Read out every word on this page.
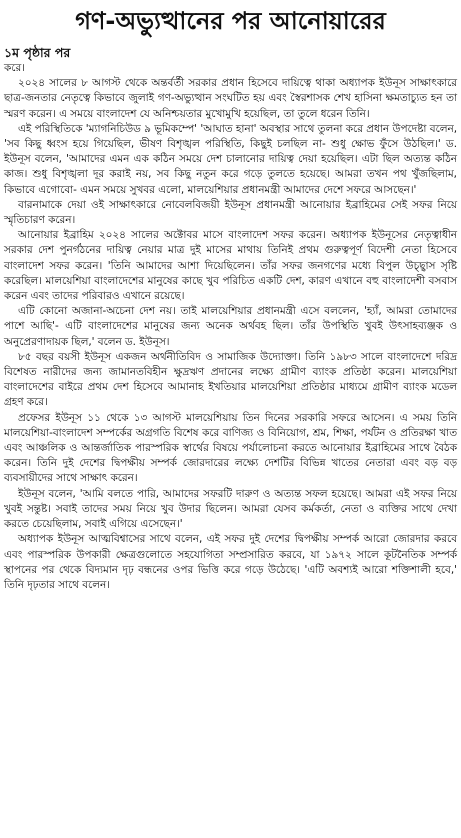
গণ-অভ্যুত্থানের পর আনোয়ারের
১ম পৃষ্ঠার পর

করে।

২০২৪ সালের ৮ আগস্ট থেকে অন্তর্বর্তী সরকার প্রধান হিসেবে দায়িত্বে থাকা অধ্যাপক ইউনূস সাক্ষাৎকারে ছাত্র-জনতার নেতৃত্বে কিভাবে জুলাই গণ-অভ্যুত্থান সংঘটিত হয় এবং স্বৈরশাসক শেখ হাসিনা ক্ষমতাচ্যুত হন তা স্মরণ করেন। এ সময়ে বাংলাদেশ যে অনিশ্চয়তার মুখোমুখি হয়েছিল, তা তুলে ধরেন তিনি।

এই পরিস্থিতিকে 'ম্যাগনিচিউড ৯ ভূমিকম্পে' 'আঘাত হানা' অবস্থার সাথে তুলনা করে প্রধান উপদেষ্টা বলেন, 'সব কিছু ধ্বংস হয়ে গিয়েছিল, ভীষণ বিশৃঙ্খল পরিস্থিতি, কিছুই চলছিল না- শুধু ক্ষোভ ফুঁসে উঠছিল।' ড. ইউনূস বলেন, 'আমাদের এমন এক কঠিন সময়ে দেশ চালানোর দায়িত্ব দেয়া হয়েছিল। এটা ছিল অত্যন্ত কঠিন কাজ। শুধু বিশৃঙ্খলা দূর করাই নয়, সব কিছু নতুন করে গড়ে তুলতে হয়েছে। আমরা তখন পথ খুঁজছিলাম, কিভাবে এগোবো- এমন সময়ে সুখবর এলো, মালয়েশিয়ার প্রধানমন্ত্রী আমাদের দেশে সফরে আসছেন।'

বারনামাকে দেয়া ওই সাক্ষাৎকারে নোবেলবিজয়ী ইউনূস প্রধানমন্ত্রী আনোয়ার ইব্রাহিমের সেই সফর নিয়ে স্মৃতিচারণ করেন।

আনোয়ার ইব্রাহিম ২০২৪ সালের অক্টোবর মাসে বাংলাদেশ সফর করেন। অধ্যাপক ইউনূসের নেতৃত্বাধীন সরকার দেশ পুনর্গঠনের দায়িত্ব নেয়ার মাত্র দুই মাসের মাথায় তিনিই প্রথম গুরুত্বপূর্ণ বিদেশী নেতা হিসেবে বাংলাদেশ সফর করেন। 'তিনি আমাদের আশা দিয়েছিলেন। তাঁর সফর জনগণের মধ্যে বিপুল উচ্ছ্বাস সৃষ্টি করেছিল। মালয়েশিয়া বাংলাদেশের মানুষের কাছে খুব পরিচিত একটি দেশ, কারণ এখানে বহু বাংলাদেশী বসবাস করেন এবং তাদের পরিবারও এখানে রয়েছে।

এটি কোনো অজানা-অচেনা দেশ নয়। তাই মালয়েশিয়ার প্রধানমন্ত্রী এসে বললেন, 'হ্যাঁ, আমরা তোমাদের পাশে আছি'- এটি বাংলাদেশের মানুষের জন্য অনেক অর্থবহ ছিল। তাঁর উপস্থিতি খুবই উৎসাহব্যঞ্জক ও অনুপ্রেরণাদায়ক ছিল,' বলেন ড. ইউনূস।

৮৫ বছর বয়সী ইউনূস একজন অর্থনীতিবিদ ও সামাজিক উদ্যোক্তা। তিনি ১৯৮৩ সালে বাংলাদেশে দরিদ্র বিশেষত নারীদের জন্য জামানতবিহীন ক্ষুদ্রঋণ প্রদানের লক্ষ্যে গ্রামীণ ব্যাংক প্রতিষ্ঠা করেন। মালয়েশিয়া বাংলাদেশের বাইরে প্রথম দেশ হিসেবে আমানাহ ইখতিয়ার মালয়েশিয়া প্রতিষ্ঠার মাধ্যমে গ্রামীণ ব্যাংক মডেল গ্রহণ করে।

প্রফেসর ইউনূস ১১ থেকে ১৩ আগস্ট মালয়েশিয়ায় তিন দিনের সরকারি সফরে আসেন। এ সময় তিনি মালয়েশিয়া-বাংলাদেশ সম্পর্কের অগ্রগতি বিশেষ করে বাণিজ্য ও বিনিয়োগ, শ্রম, শিক্ষা, পর্যটন ও প্রতিরক্ষা খাত এবং আঞ্চলিক ও আন্তর্জাতিক পারস্পরিক স্বার্থের বিষয়ে পর্যালোচনা করতে আনোয়ার ইব্রাহিমের সাথে বৈঠক করেন। তিনি দুই দেশের দ্বিপক্ষীয় সম্পর্ক জোরদারের লক্ষ্যে দেশটির বিভিন্ন খাতের নেতারা এবং বড় বড় ব্যবসায়ীদের সাথে সাক্ষাৎ করেন।

ইউনূস বলেন, 'আমি বলতে পারি, আমাদের সফরটি দারুণ ও অত্যন্ত সফল হয়েছে। আমরা এই সফর নিয়ে খুবই সন্তুষ্ট। সবাই তাদের সময় নিয়ে খুব উদার ছিলেন। আমরা যেসব কর্মকর্তা, নেতা ও ব্যক্তির সাথে দেখা করতে চেয়েছিলাম, সবাই এগিয়ে এসেছেন।'

অধ্যাপক ইউনূস আত্মবিশ্বাসের সাথে বলেন, এই সফর দুই দেশের দ্বিপক্ষীয় সম্পর্ক আরো জোরদার করবে এবং পারস্পরিক উপকারী ক্ষেত্রগুলোতে সহযোগিতা সম্প্রসারিত করবে, যা ১৯৭২ সালে কূটনৈতিক সম্পর্ক স্থাপনের পর থেকে বিদ্যমান দৃঢ় বন্ধনের ওপর ভিত্তি করে গড়ে উঠেছে। 'এটি অবশ্যই আরো শক্তিশালী হবে,' তিনি দৃঢ়তার সাথে বলেন।
